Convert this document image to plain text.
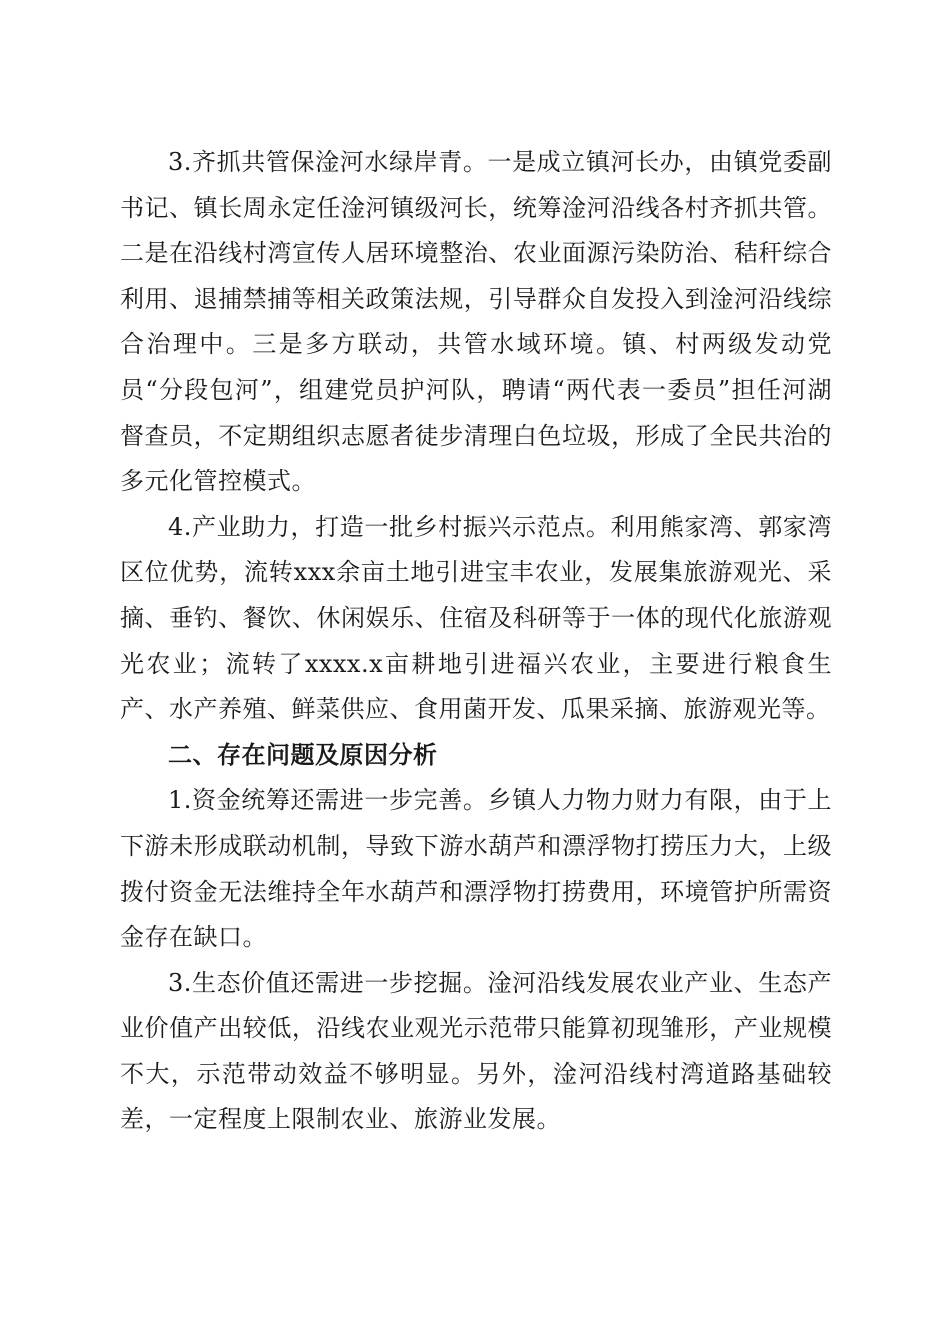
3.齐抓共管保淦河水绿岸青。一是成立镇河长办，由镇党委副书记、镇长周永定任淦河镇级河长，统筹淦河沿线各村齐抓共管。二是在沿线村湾宣传人居环境整治、农业面源污染防治、秸秆综合利用、退捕禁捕等相关政策法规，引导群众自发投入到淦河沿线综合治理中。三是多方联动，共管水域环境。镇、村两级发动党员“分段包河”，组建党员护河队，聘请“两代表一委员”担任河湖督查员，不定期组织志愿者徒步清理白色垃圾，形成了全民共治的多元化管控模式。

4.产业助力，打造一批乡村振兴示范点。利用熊家湾、郭家湾区位优势，流转xxx余亩土地引进宝丰农业，发展集旅游观光、采摘、垂钓、餐饮、休闲娱乐、住宿及科研等于一体的现代化旅游观光农业；流转了xxxx.x亩耕地引进福兴农业，主要进行粮食生产、水产养殖、鲜菜供应、食用菌开发、瓜果采摘、旅游观光等。

二、存在问题及原因分析

1.资金统筹还需进一步完善。乡镇人力物力财力有限，由于上下游未形成联动机制，导致下游水葫芦和漂浮物打捞压力大，上级拨付资金无法维持全年水葫芦和漂浮物打捞费用，环境管护所需资金存在缺口。

3.生态价值还需进一步挖掘。淦河沿线发展农业产业、生态产业价值产出较低，沿线农业观光示范带只能算初现雏形，产业规模不大，示范带动效益不够明显。另外，淦河沿线村湾道路基础较差，一定程度上限制农业、旅游业发展。
